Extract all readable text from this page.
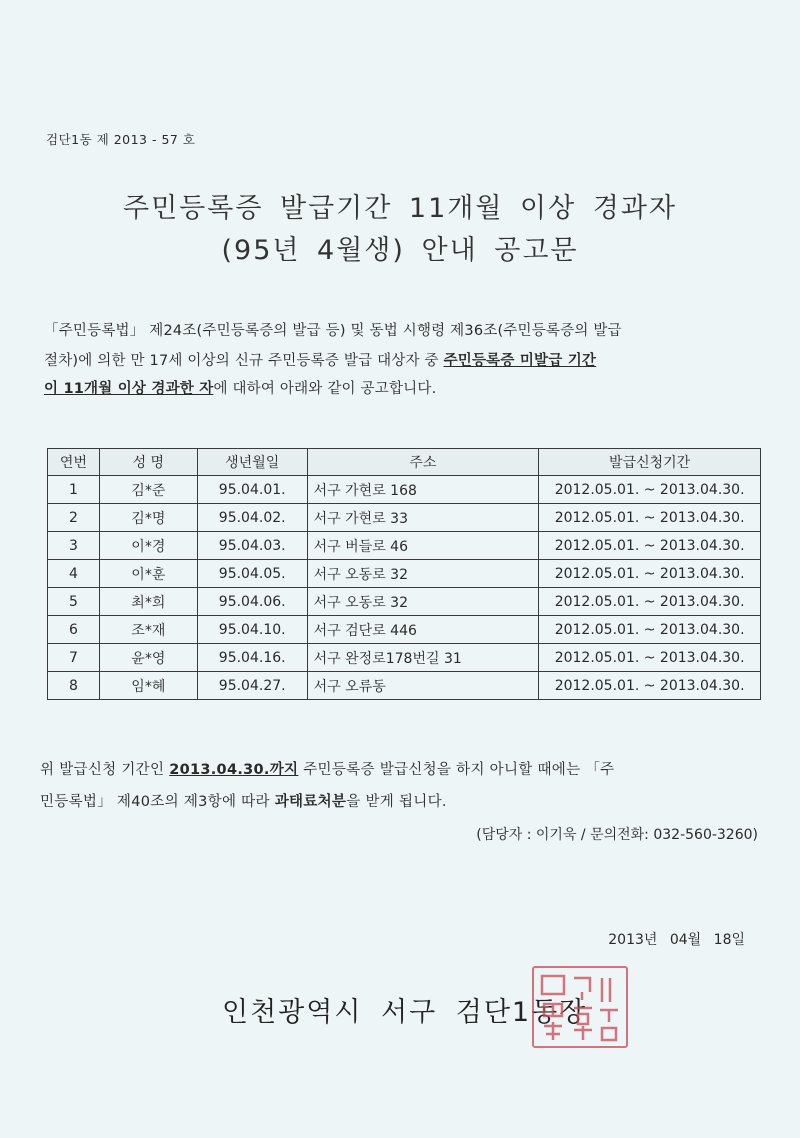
검단1동 제 2013 - 57 호
주민등록증 발급기간 11개월 이상 경과자
(95년 4월생) 안내 공고문
「주민등록법」 제24조(주민등록증의 발급 등) 및 동법 시행령 제36조(주민등록증의 발급
절차)에 의한 만 17세 이상의 신규 주민등록증 발급 대상자 중 주민등록증 미발급 기간
이 11개월 이상 경과한 자에 대하여 아래와 같이 공고합니다.
연번	성 명	생년월일	주소	발급신청기간
1	김*준	95.04.01.	서구 가현로 168	2012.05.01. ~ 2013.04.30.
2	김*명	95.04.02.	서구 가현로 33	2012.05.01. ~ 2013.04.30.
3	이*경	95.04.03.	서구 버들로 46	2012.05.01. ~ 2013.04.30.
4	이*훈	95.04.05.	서구 오동로 32	2012.05.01. ~ 2013.04.30.
5	최*희	95.04.06.	서구 오동로 32	2012.05.01. ~ 2013.04.30.
6	조*재	95.04.10.	서구 검단로 446	2012.05.01. ~ 2013.04.30.
7	윤*영	95.04.16.	서구 완정로178번길 31	2012.05.01. ~ 2013.04.30.
8	임*혜	95.04.27.	서구 오류동	2012.05.01. ~ 2013.04.30.
위 발급신청 기간인 2013.04.30.까지 주민등록증 발급신청을 하지 아니할 때에는 「주
민등록법」 제40조의 제3항에 따라 과태료처분을 받게 됩니다.
(담당자 : 이기욱 / 문의전화: 032-560-3260)
2013년 04월 18일
인천광역시 서구 검단1동장
